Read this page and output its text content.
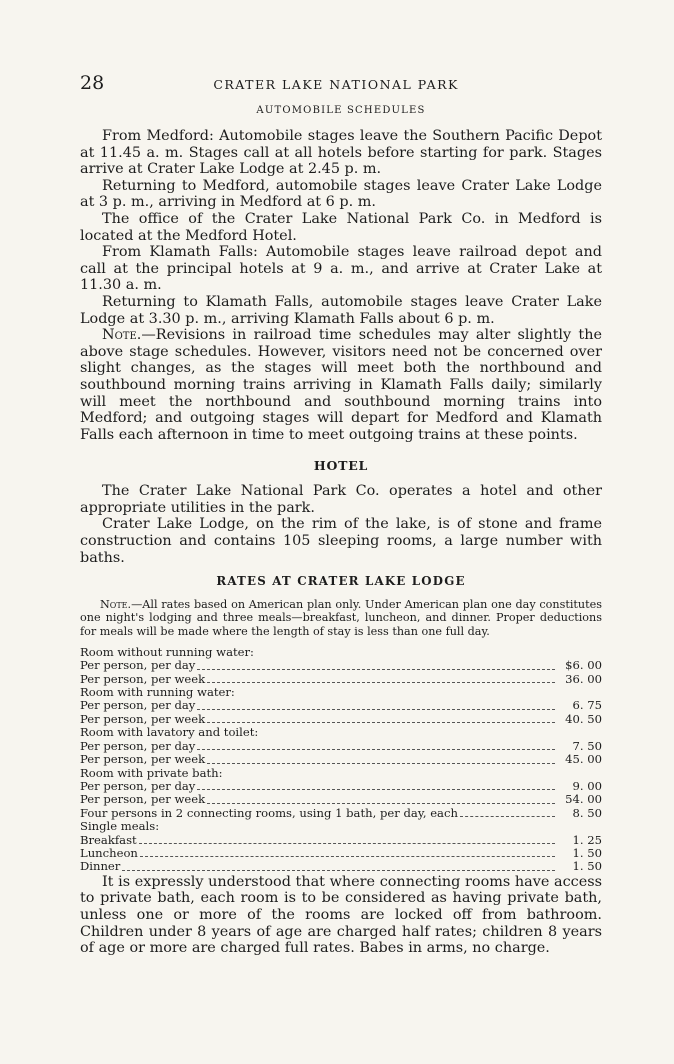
28	CRATER LAKE NATIONAL PARK
AUTOMOBILE SCHEDULES

From Medford: Automobile stages leave the Southern Pacific Depot at 11.45 a. m. Stages call at all hotels before starting for park. Stages arrive at Crater Lake Lodge at 2.45 p. m.

Returning to Medford, automobile stages leave Crater Lake Lodge at 3 p. m., arriving in Medford at 6 p. m.

The office of the Crater Lake National Park Co. in Medford is located at the Medford Hotel.

From Klamath Falls: Automobile stages leave railroad depot and call at the principal hotels at 9 a. m., and arrive at Crater Lake at 11.30 a. m.

Returning to Klamath Falls, automobile stages leave Crater Lake Lodge at 3.30 p. m., arriving Klamath Falls about 6 p. m.

Note.—Revisions in railroad time schedules may alter slightly the above stage schedules. However, visitors need not be concerned over slight changes, as the stages will meet both the northbound and southbound morning trains arriving in Klamath Falls daily; similarly will meet the northbound and southbound morning trains into Medford; and outgoing stages will depart for Medford and Klamath Falls each afternoon in time to meet outgoing trains at these points.

HOTEL

The Crater Lake National Park Co. operates a hotel and other appropriate utilities in the park.

Crater Lake Lodge, on the rim of the lake, is of stone and frame construction and contains 105 sleeping rooms, a large number with baths.

RATES AT CRATER LAKE LODGE

Note.—All rates based on American plan only. Under American plan one day constitutes one night's lodging and three meals—breakfast, luncheon, and dinner. Proper deductions for meals will be made where the length of stay is less than one full day.

Room without running water:	

Per person, per day	$6. 00

Per person, per week	36. 00
Room with running water:	

Per person, per day	6. 75

Per person, per week	40. 50
Room with lavatory and toilet:	

Per person, per day	7. 50

Per person, per week	45. 00
Room with private bath:	

Per person, per day	9. 00

Per person, per week	54. 00

Four persons in 2 connecting rooms, using 1 bath, per day, each	8. 50
Single meals:	

Breakfast	1. 25

Luncheon	1. 50

Dinner	1. 50

It is expressly understood that where connecting rooms have access to private bath, each room is to be considered as having private bath, unless one or more of the rooms are locked off from bathroom. Children under 8 years of age are charged half rates; children 8 years of age or more are charged full rates. Babes in arms, no charge.
